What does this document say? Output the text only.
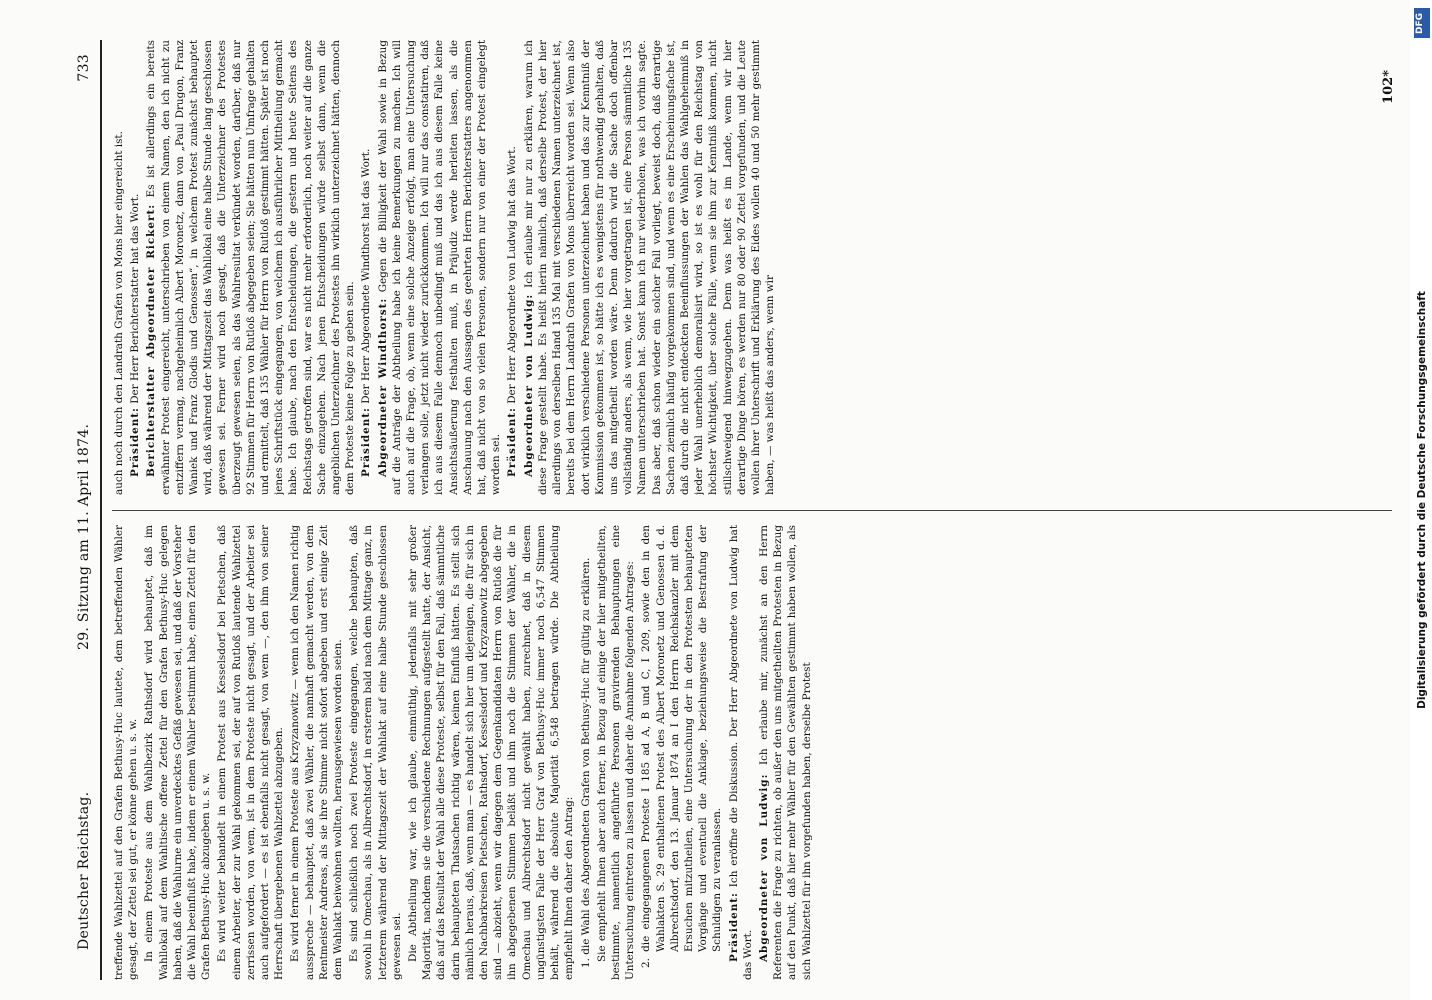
Deutscher Reichstag.
29. Sitzung am 11. April 1874.
733

treffende Wahlzettel auf den Grafen Bethusy-Huc lautete, dem betreffenden Wähler gesagt, der Zettel sei gut, er könne gehen u. s. w. In einem Proteste aus dem Wahlbezirk Rathsdorf wird behauptet, daß im Wahllokal auf dem Wahltische offene Zettel für den Grafen Bethusy-Huc gelegen haben, daß die Wahlurne ein unverdecktes Gefäß gewesen sei, und daß der Vorsteher die Wahl beeinflußt habe, indem er einem Wähler bestimmt habe, einen Zettel für den Grafen Bethusy-Huc abzugeben u. s. w. Es wird weiter behandelt in einem Protest aus Kesselsdorf bei Pietschen, daß einem Arbeiter, der zur Wahl gekommen sei, der auf von Rutloß lautende Wahlzettel zerrissen worden, von wem, ist in dem Proteste nicht gesagt, und der Arbeiter sei auch aufgefordert — es ist ebenfalls nicht gesagt, von wem —, den ihm von seiner Herrschaft übergebenen Wahlzettel abzugeben. Es wird ferner in einem Proteste aus Krzyzanowitz — wenn ich den Namen richtig ausspreche — behauptet, daß zwei Wähler, die namhaft gemacht werden, von dem Rentmeister Andreas, als sie ihre Stimme nicht sofort abgeben und erst einige Zeit dem Wahlakt beiwohnen wollten, herausgewiesen worden seien. Es sind schließlich noch zwei Proteste eingegangen, welche behaupten, daß sowohl in Omechau, als in Albrechtsdorf, in ersterem bald nach dem Mittage ganz, in letzterem während der Mittagszeit der Wahlakt auf eine halbe Stunde geschlossen gewesen sei. Die Abtheilung war, wie ich glaube, einmüthig, jedenfalls mit sehr großer Majorität, nachdem sie die verschiedene Rechnungen aufgestellt hatte, der Ansicht, daß auf das Resultat der Wahl alle diese Proteste, selbst für den Fall, daß sämmtliche darin behaupteten Thatsachen richtig wären, keinen Einfluß hätten. Es stellt sich nämlich heraus, daß, wenn man — es handelt sich hier um diejenigen, die für sich in den Nachbarkreisen Pietschen, Rathsdorf, Kesselsdorf und Krzyzanowitz abgegeben sind — abzieht, wenn wir dagegen dem Gegenkandidaten Herrn von Rutloß die für ihn abgegebenen Stimmen beläßt und ihm noch die Stimmen der Wähler, die in Omechau und Albrechtsdorf nicht gewählt haben, zurechnet, daß in diesem ungünstigsten Falle der Herr Graf von Bethusy-Huc immer noch 6,547 Stimmen behält, während die absolute Majorität 6,548 betragen würde. Die Abtheilung empfiehlt Ihnen daher den Antrag: 1. die Wahl des Abgeordneten Grafen von Bethusy-Huc für gültig zu erklären. Sie empfiehlt Ihnen aber auch ferner, in Bezug auf einige der hier mitgetheilten, bestimmte, namentlich angeführte Personen gravirenden Behauptungen eine Untersuchung eintreten zu lassen und daher die Annahme folgenden Antrages: 2. die eingegangenen Proteste I 185 ad A, B und C, I 209, sowie den in den Wahlakten S. 29 enthaltenen Protest des Albert Moronetz und Genossen d. d. Albrechtsdorf, den 13. Januar 1874 an I den Herrn Reichskanzler mit dem Ersuchen mitzutheilen, eine Untersuchung der in den Protesten behaupteten Vorgänge und eventuell die Anklage, beziehungsweise die Bestrafung der Schuldigen zu veranlassen. Präsident: Ich eröffne die Diskussion. Der Herr Abgeordnete von Ludwig hat das Wort. Abgeordneter von Ludwig: Ich erlaube mir, zunächst an den Herrn Referenten die Frage zu richten, ob außer den uns mitgetheilten Protesten in Bezug auf den Punkt, daß hier mehr Wähler für den Gewählten gestimmt haben wollen, als sich Wahlzettel für ihn vorgefunden haben, derselbe Protest

auch noch durch den Landrath Grafen von Mons hier eingereicht ist. Präsident: Der Herr Berichterstatter hat das Wort. Berichterstatter Abgeordneter Rickert: Es ist allerdings ein bereits erwähnter Protest eingereicht, unterschrieben von einem Namen, den ich nicht zu entziffern vermag, nachgeheimlich Albert Moronetz, dann von „Paul Drugon, Franz Waniek und Franz Glodis und Genossen“, in welchem Protest zunächst behauptet wird, daß während der Mittagszeit das Wahllokal eine halbe Stunde lang geschlossen gewesen sei. Ferner wird noch gesagt, daß die Unterzeichner des Protestes überzeugt gewesen seien, als das Wahlresultat verkündet worden, darüber, daß nur 92 Stimmen für Herrn von Rutloß abgegeben seien; Sie hätten nun Umfrage gehalten und ermittelt, daß 135 Wähler für Herrn von Rutloß gestimmt hätten. Später ist noch jenes Schriftstück eingegangen, von welchem ich ausführlicher Mittheilung gemacht habe. Ich glaube, nach den Entscheidungen, die gestern und heute Seitens des Reichstags getroffen sind, war es nicht mehr erforderlich, noch weiter auf die ganze Sache einzugehen. Nach jenen Entscheidungen würde selbst dann, wenn die angeblichen Unterzeichner des Protestes ihn wirklich unterzeichnet hätten, dennoch dem Proteste keine Folge zu geben sein. Präsident: Der Herr Abgeordnete Windthorst hat das Wort. Abgeordneter Windthorst: Gegen die Billigkeit der Wahl sowie in Bezug auf die Anträge der Abtheilung habe ich keine Bemerkungen zu machen. Ich will auch auf die Frage, ob, wenn eine solche Anzeige erfolgt, man eine Untersuchung verlangen solle, jetzt nicht wieder zurückkommen. Ich will nur das constatiren, daß ich aus diesem Falle dennoch unbedingt muß und das ich aus diesem Falle keine Ansichtsäußerung festhalten muß, in Präjudiz werde herleiten lassen, als die Anschauung nach den Aussagen des geehrten Herrn Berichterstatters angenommen hat, daß nicht von so vielen Personen, sondern nur von einer der Protest eingelegt worden sei. Präsident: Der Herr Abgeordnete von Ludwig hat das Wort. Abgeordneter von Ludwig: Ich erlaube mir nur zu erklären, warum ich diese Frage gestellt habe. Es heißt hierin nämlich, daß derselbe Protest, der hier allerdings von derselben Hand 135 Mal mit verschiedenen Namen unterzeichnet ist, bereits bei dem Herrn Landrath Grafen von Mons überreicht worden sei. Wenn also dort wirklich verschiedene Personen unterzeichnet haben und das zur Kenntniß der Kommission gekommen ist, so hätte ich es wenigstens für nothwendig gehalten, daß uns das mitgetheilt worden wäre. Denn dadurch wird die Sache doch offenbar vollständig anders, als wenn, wie hier vorgetragen ist, eine Person sämmtliche 135 Namen unterschrieben hat. Sonst kann ich nur wiederholen, was ich vorhin sagte. Das aber, daß schon wieder ein solcher Fall vorliegt, beweist doch, daß derartige Sachen ziemlich häufig vorgekommen sind, und wenn es eine Erscheinungsfache ist, daß durch die nicht entdeckten Beeinflussungen der Wahlen das Wahlgeheimniß in jeder Wahl unerheblich demoralisirt wird, so ist es wohl für den Reichstag von höchster Wichtigkeit, über solche Fälle, wenn sie ihm zur Kenntniß kommen, nicht stillschweigend hinwegzugehen. Denn was heißt es im Lande, wenn wir hier derartige Dinge hören, es werden nur 80 oder 90 Zettel vorgefunden, und die Leute wollen ihrer Unterschrift und Erklärung des Eides wollen 40 und 50 mehr gestimmt haben, — was heißt das anders, wenn wir

102*
Digitalisierung gefördert durch die Deutsche Forschungsgemeinschaft
DFG
